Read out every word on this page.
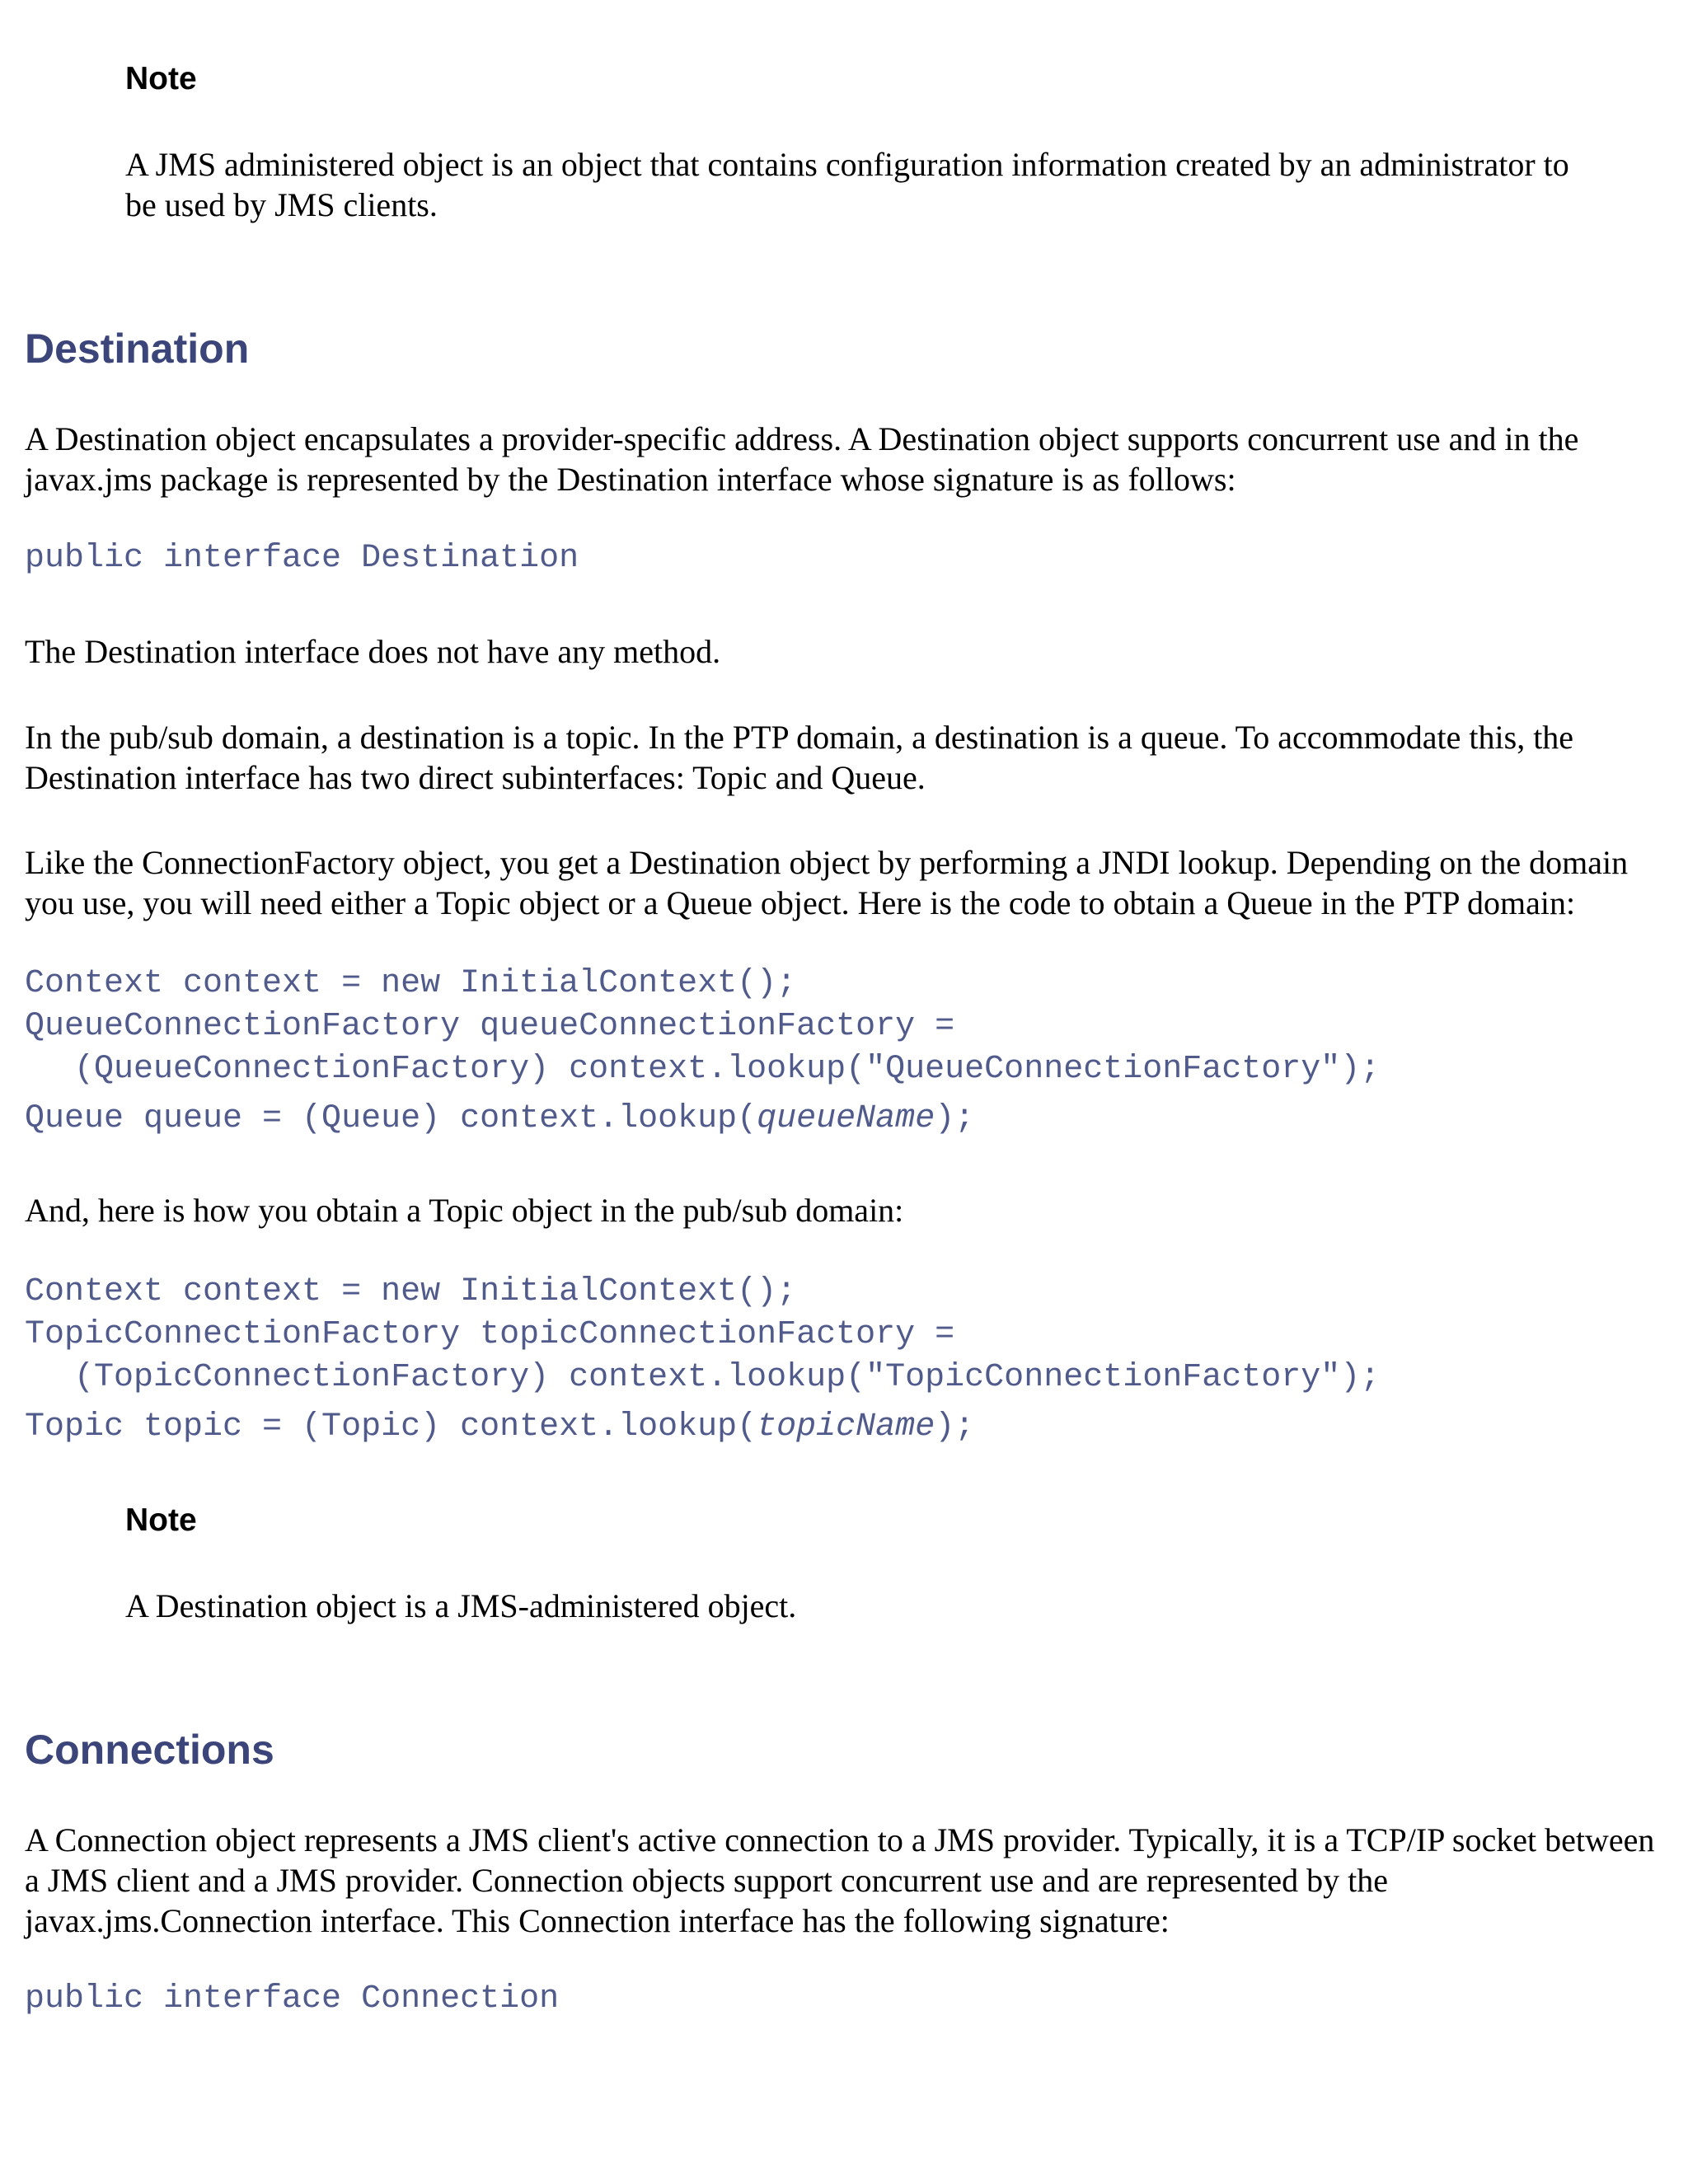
Note
A JMS administered object is an object that contains configuration information created by an administrator to be used by JMS clients.
Destination

A Destination object encapsulates a provider-specific address. A Destination object supports concurrent use and in the javax.jms package is represented by the Destination interface whose signature is as follows:

public interface Destination

The Destination interface does not have any method.

In the pub/sub domain, a destination is a topic. In the PTP domain, a destination is a queue. To accommodate this, the Destination interface has two direct subinterfaces: Topic and Queue.

Like the ConnectionFactory object, you get a Destination object by performing a JNDI lookup. Depending on the domain you use, you will need either a Topic object or a Queue object. Here is the code to obtain a Queue in the PTP domain:

Context context = new InitialContext();
QueueConnectionFactory queueConnectionFactory =
(QueueConnectionFactory) context.lookup("QueueConnectionFactory");
Queue queue = (Queue) context.lookup(queueName);

And, here is how you obtain a Topic object in the pub/sub domain:

Context context = new InitialContext();
TopicConnectionFactory topicConnectionFactory =
(TopicConnectionFactory) context.lookup("TopicConnectionFactory");
Topic topic = (Topic) context.lookup(topicName);
Note
A Destination object is a JMS-administered object.
Connections

A Connection object represents a JMS client's active connection to a JMS provider. Typically, it is a TCP/IP socket between a JMS client and a JMS provider. Connection objects support concurrent use and are represented by the javax.jms.Connection interface. This Connection interface has the following signature:

public interface Connection
